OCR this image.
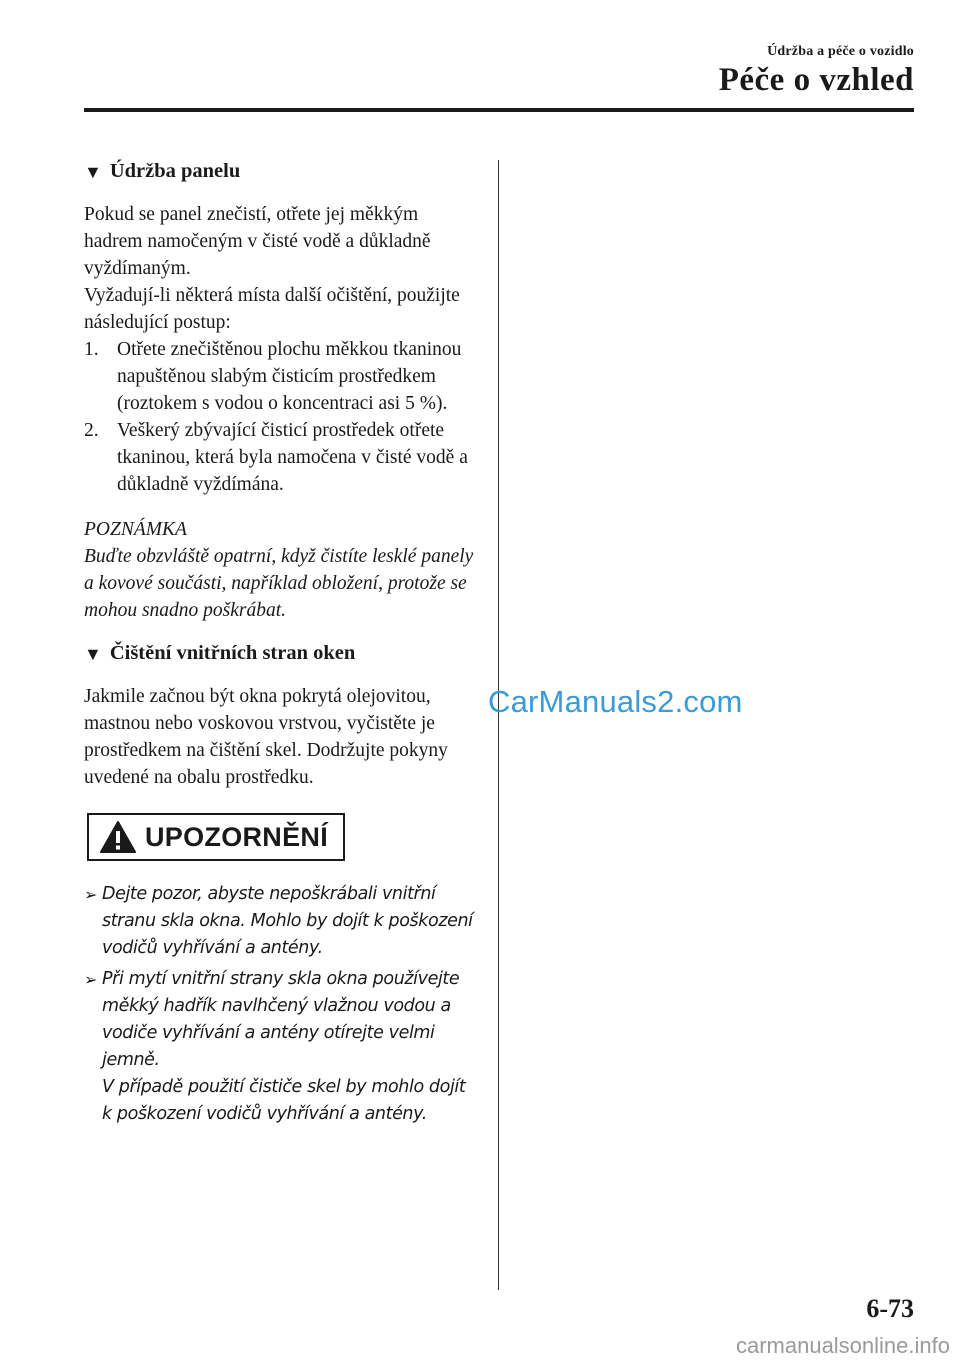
Údržba a péče o vozidlo
Péče o vzhled
▼ Údržba panelu

Pokud se panel znečistí, otřete jej měkkým hadrem namočeným v čisté vodě a důkladně vyždímaným.

Vyžadují-li některá místa další očištění, použijte následující postup:

1. Otřete znečištěnou plochu měkkou tkaninou napuštěnou slabým čisticím prostředkem (roztokem s vodou o koncentraci asi 5 %).
2. Veškerý zbývající čisticí prostředek otřete tkaninou, která byla namočena v čisté vodě a důkladně vyždímána.
POZNÁMKA
Buďte obzvláště opatrní, když čistíte lesklé panely a kovové součásti, například obložení, protože se mohou snadno poškrábat.
▼ Čištění vnitřních stran oken

Jakmile začnou být okna pokrytá olejovitou, mastnou nebo voskovou vrstvou, vyčistěte je prostředkem na čištění skel. Dodržujte pokyny uvedené na obalu prostředku.

UPOZORNĚNÍ
➢ Dejte pozor, abyste nepoškrábali vnitřní stranu skla okna. Mohlo by dojít k poškození vodičů vyhřívání a antény.
➢ Při mytí vnitřní strany skla okna používejte měkký hadřík navlhčený vlažnou vodou a vodiče vyhřívání a antény otírejte velmi jemně.
V případě použití čističe skel by mohlo dojít k poškození vodičů vyhřívání a antény.
CarManuals2.com
6-73
carmanualsonline.info
